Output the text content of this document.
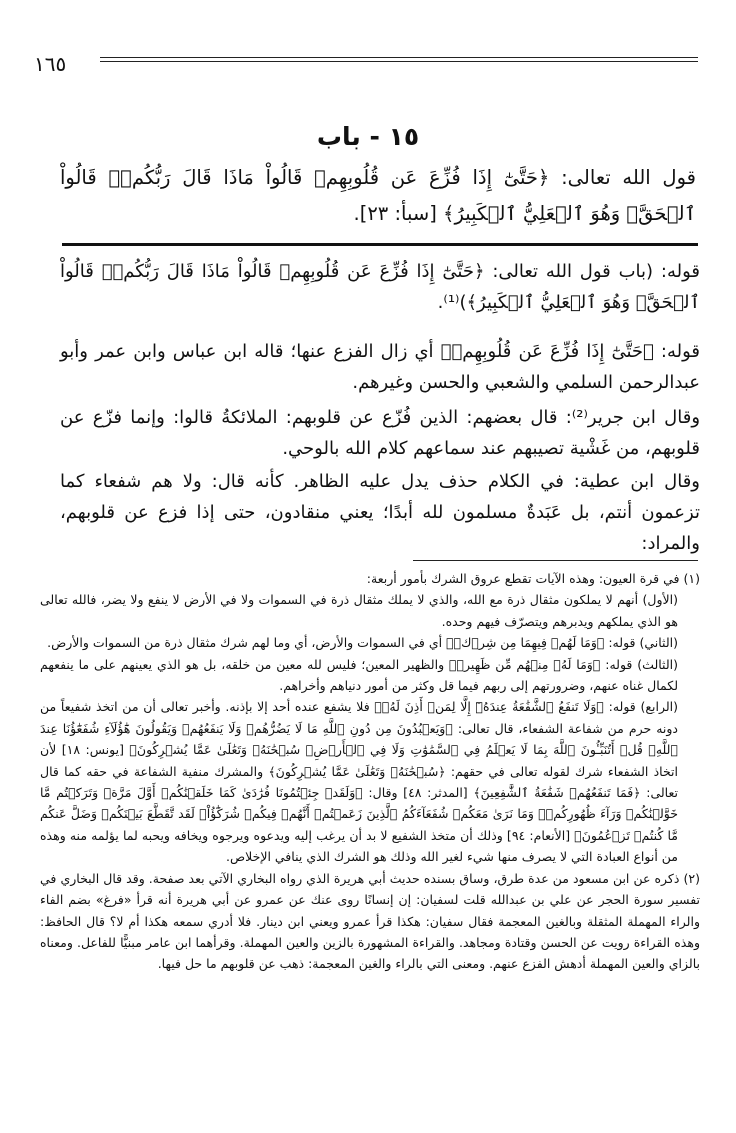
١٦٥
١٥ - باب
قول الله تعالى: ﴿حَتَّىٰٓ إِذَا فُزِّعَ عَن قُلُوبِهِمۡ قَالُواْ مَاذَا قَالَ رَبُّكُمۡۖ قَالُواْ ٱلۡحَقَّۖ وَهُوَ ٱلۡعَلِيُّ ٱلۡكَبِيرُ﴾ [سبأ: ٢٣].
قوله: (باب قول الله تعالى: ﴿حَتَّىٰٓ إِذَا فُزِّعَ عَن قُلُوبِهِمۡ قَالُواْ مَاذَا قَالَ رَبُّكُمۡۖ قَالُواْ ٱلۡحَقَّۖ وَهُوَ ٱلۡعَلِيُّ ٱلۡكَبِيرُ﴾)⁽¹⁾.
قوله: ﴿حَتَّىٰٓ إِذَا فُزِّعَ عَن قُلُوبِهِمۡ﴾ أي زال الفزع عنها؛ قاله ابن عباس وابن عمر وأبو عبدالرحمن السلمي والشعبي والحسن وغيرهم.
وقال ابن جرير⁽²⁾: قال بعضهم: الذين فُزّع عن قلوبهم: الملائكةُ قالوا: وإنما فزّع عن قلوبهم، من غَشْية تصيبهم عند سماعهم كلام الله بالوحي.
وقال ابن عطية: في الكلام حذف يدل عليه الظاهر. كأنه قال: ولا هم شفعاء كما تزعمون أنتم، بل عَبَدةٌ مسلمون لله أبدًا؛ يعني منقادون، حتى إذا فزع عن قلوبهم، والمراد:
(١) في قرة العيون: وهذه الآيات تقطع عروق الشرك بأمور أربعة:
(الأول) أنهم لا يملكون مثقال ذرة مع الله، والذي لا يملك مثقال ذرة في السموات ولا في الأرض لا ينفع ولا يضر، فالله تعالى هو الذي يملكهم ويدبرهم ويتصرّف فيهم وحده.
(الثاني) قوله: ﴿وَمَا لَهُمۡ فِيهِمَا مِن شِرۡكٖ﴾ أي في السموات والأرض، أي وما لهم شرك مثقال ذرة من السموات والأرض.
(الثالث) قوله: ﴿وَمَا لَهُۥ مِنۡهُم مِّن ظَهِيرٖ﴾ والظهير المعين؛ فليس لله معين من خلقه، بل هو الذي يعينهم على ما ينفعهم لكمال غناه عنهم، وضرورتهم إلى ربهم فيما قل وكثر من أمور دنياهم وأخراهم.
(الرابع) قوله: ﴿وَلَا تَنفَعُ ٱلشَّفَٰعَةُ عِندَهُۥٓ إِلَّا لِمَنۡ أَذِنَ لَهُۥ﴾ فلا يشفع عنده أحد إلا بإذنه. وأخبر تعالى أن من اتخذ شفيعاً من دونه حرم من شفاعة الشفعاء، قال تعالى: ﴿وَيَعۡبُدُونَ مِن دُونِ ٱللَّهِ مَا لَا يَضُرُّهُمۡ وَلَا يَنفَعُهُمۡ وَيَقُولُونَ هَٰٓؤُلَآءِ شُفَعَٰٓؤُنَا عِندَ ٱللَّهِۚ قُلۡ أَتُنَبِّـُٔونَ ٱللَّهَ بِمَا لَا يَعۡلَمُ فِي ٱلسَّمَٰوَٰتِ وَلَا فِي ٱلۡأَرۡضِۚ سُبۡحَٰنَهُۥ وَتَعَٰلَىٰ عَمَّا يُشۡرِكُونَ﴾ [يونس: ١٨] لأن اتخاذ الشفعاء شرك لقوله تعالى في حقهم: ﴿سُبۡحَٰنَهُۥ وَتَعَٰلَىٰ عَمَّا يُشۡرِكُونَ﴾ والمشرك منفية الشفاعة في حقه كما قال تعالى: ﴿فَمَا تَنفَعُهُمۡ شَفَٰعَةُ ٱلشَّٰفِعِينَ﴾ [المدثر: ٤٨] وقال: ﴿وَلَقَدۡ جِئۡتُمُونَا فُرَٰدَىٰ كَمَا خَلَقۡنَٰكُمۡ أَوَّلَ مَرَّةٖ وَتَرَكۡتُم مَّا خَوَّلۡنَٰكُمۡ وَرَآءَ ظُهُورِكُمۡۖ وَمَا نَرَىٰ مَعَكُمۡ شُفَعَآءَكُمُ ٱلَّذِينَ زَعَمۡتُمۡ أَنَّهُمۡ فِيكُمۡ شُرَكَٰٓؤُاْۚ لَقَد تَّقَطَّعَ بَيۡنَكُمۡ وَضَلَّ عَنكُم مَّا كُنتُمۡ تَزۡعُمُونَ﴾ [الأنعام: ٩٤] وذلك أن متخذ الشفيع لا بد أن يرغب إليه ويدعوه ويرجوه ويخافه ويحبه لما يؤلمه منه وهذه من أنواع العبادة التي لا يصرف منها شيء لغير الله وذلك هو الشرك الذي ينافي الإخلاص.
(٢) ذكره عن ابن مسعود من عدة طرق، وساق بسنده حديث أبي هريرة الذي رواه البخاري الآتي بعد صفحة. وقد قال البخاري في تفسير سورة الحجر عن علي بن عبدالله قلت لسفيان: إن إنسانًا روى عنك عن عمرو عن أبي هريرة أنه قرأ «فرغ» بضم الفاء والراء المهملة المثقلة وبالغين المعجمة فقال سفيان: هكذا قرأ عمرو ويعني ابن دينار. فلا أدري سمعه هكذا أم لا؟ قال الحافظ: وهذه القراءة رويت عن الحسن وقتادة ومجاهد. والقراءة المشهورة بالزين والعين المهملة. وقرأهما ابن عامر مبنيًّا للفاعل. ومعناه بالزاي والعين المهملة أدهش الفزع عنهم. ومعنى التي بالراء والغين المعجمة: ذهب عن قلوبهم ما حل فيها.
